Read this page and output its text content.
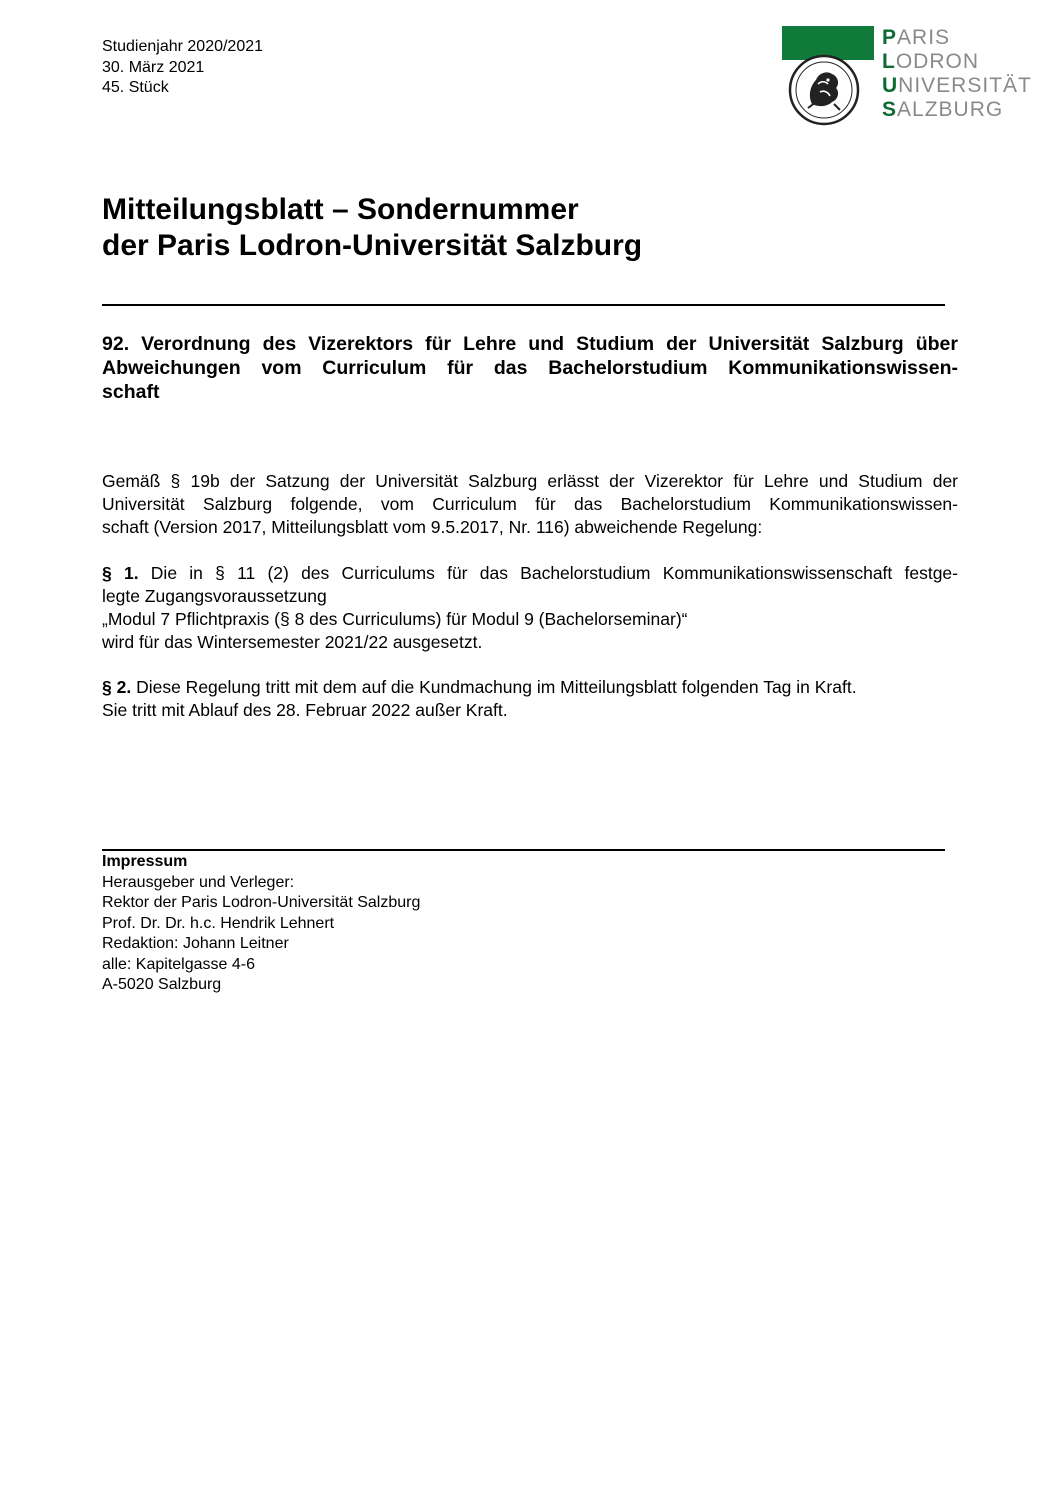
Studienjahr 2020/2021
30. März 2021
45. Stück
PARIS
LODRON
UNIVERSITÄT
SALZBURG
Mitteilungsblatt – Sondernummer
der Paris Lodron-Universität Salzburg
92. Verordnung des Vizerektors für Lehre und Studium der Universität Salzburg über
Abweichungen vom Curriculum für das Bachelorstudium Kommunikationswissen-
schaft
Gemäß § 19b der Satzung der Universität Salzburg erlässt der Vizerektor für Lehre und Studium der
Universität Salzburg folgende, vom Curriculum für das Bachelorstudium Kommunikationswissen-
schaft (Version 2017, Mitteilungsblatt vom 9.5.2017, Nr. 116) abweichende Regelung:
§ 1. Die in § 11 (2) des Curriculums für das Bachelorstudium Kommunikationswissenschaft festge-
legte Zugangsvoraussetzung
„Modul 7 Pflichtpraxis (§ 8 des Curriculums) für Modul 9 (Bachelorseminar)“
wird für das Wintersemester 2021/22 ausgesetzt.
§ 2. Diese Regelung tritt mit dem auf die Kundmachung im Mitteilungsblatt folgenden Tag in Kraft.
Sie tritt mit Ablauf des 28. Februar 2022 außer Kraft.
Impressum
Herausgeber und Verleger:
Rektor der Paris Lodron-Universität Salzburg
Prof. Dr. Dr. h.c. Hendrik Lehnert
Redaktion: Johann Leitner
alle: Kapitelgasse 4-6
A-5020 Salzburg
